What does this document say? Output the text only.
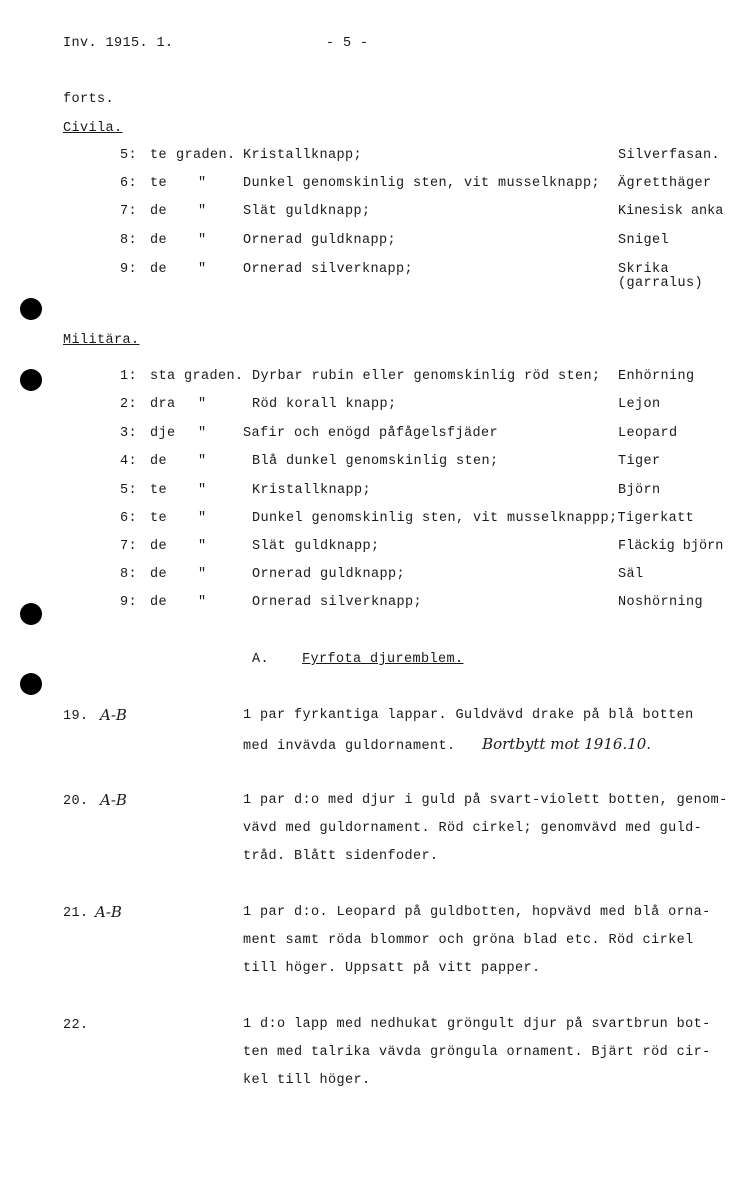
Inv. 1915. 1.	- 5 -
forts.
Civila.
5: te graden. Kristallknapp;	Silverfasan.
6: te "	Dunkel genomskinlig sten, vit musselknapp; Ägretthäger
7: de "	Slät guldknapp;	Kinesisk anka
8: de "	Ornerad guldknapp;	Snigel
9: de "	Ornerad silverknapp;	Skrika
(garralus)
Militära.
1: sta graden. Dyrbar rubin eller genomskinlig röd sten; Enhörning
2: dra "	Röd korall knapp;	Lejon
3: dje "	Safir och enögd påfågelsfjäder	Leopard
4: de "	Blå dunkel genomskinlig sten;	Tiger
5: te "	Kristallknapp;	Björn
6: te "	Dunkel genomskinlig sten, vit musselknappp;Tigerkatt
7: de "	Slät guldknapp;	Fläckig björn
8: de "	Ornerad guldknapp;	Säl
9: de "	Ornerad silverknapp;	Noshörning
A. Fyrfota djuremblem.
19. A-B	1 par fyrkantiga lappar. Guldvävd drake på blå botten
med invävda guldornament. Bortbytt mot 1916.10.
20. A-B	1 par d:o med djur i guld på svart-violett botten, genom-
vävd med guldornament. Röd cirkel; genomvävd med guld-
tråd. Blått sidenfoder.
21. A-B	1 par d:o. Leopard på guldbotten, hopvävd med blå orna-
ment samt röda blommor och gröna blad etc. Röd cirkel
till höger. Uppsatt på vitt papper.
22.	1 d:o lapp med nedhukat gröngult djur på svartbrun bot-
ten med talrika vävda gröngula ornament. Bjärt röd cir-
kel till höger.
